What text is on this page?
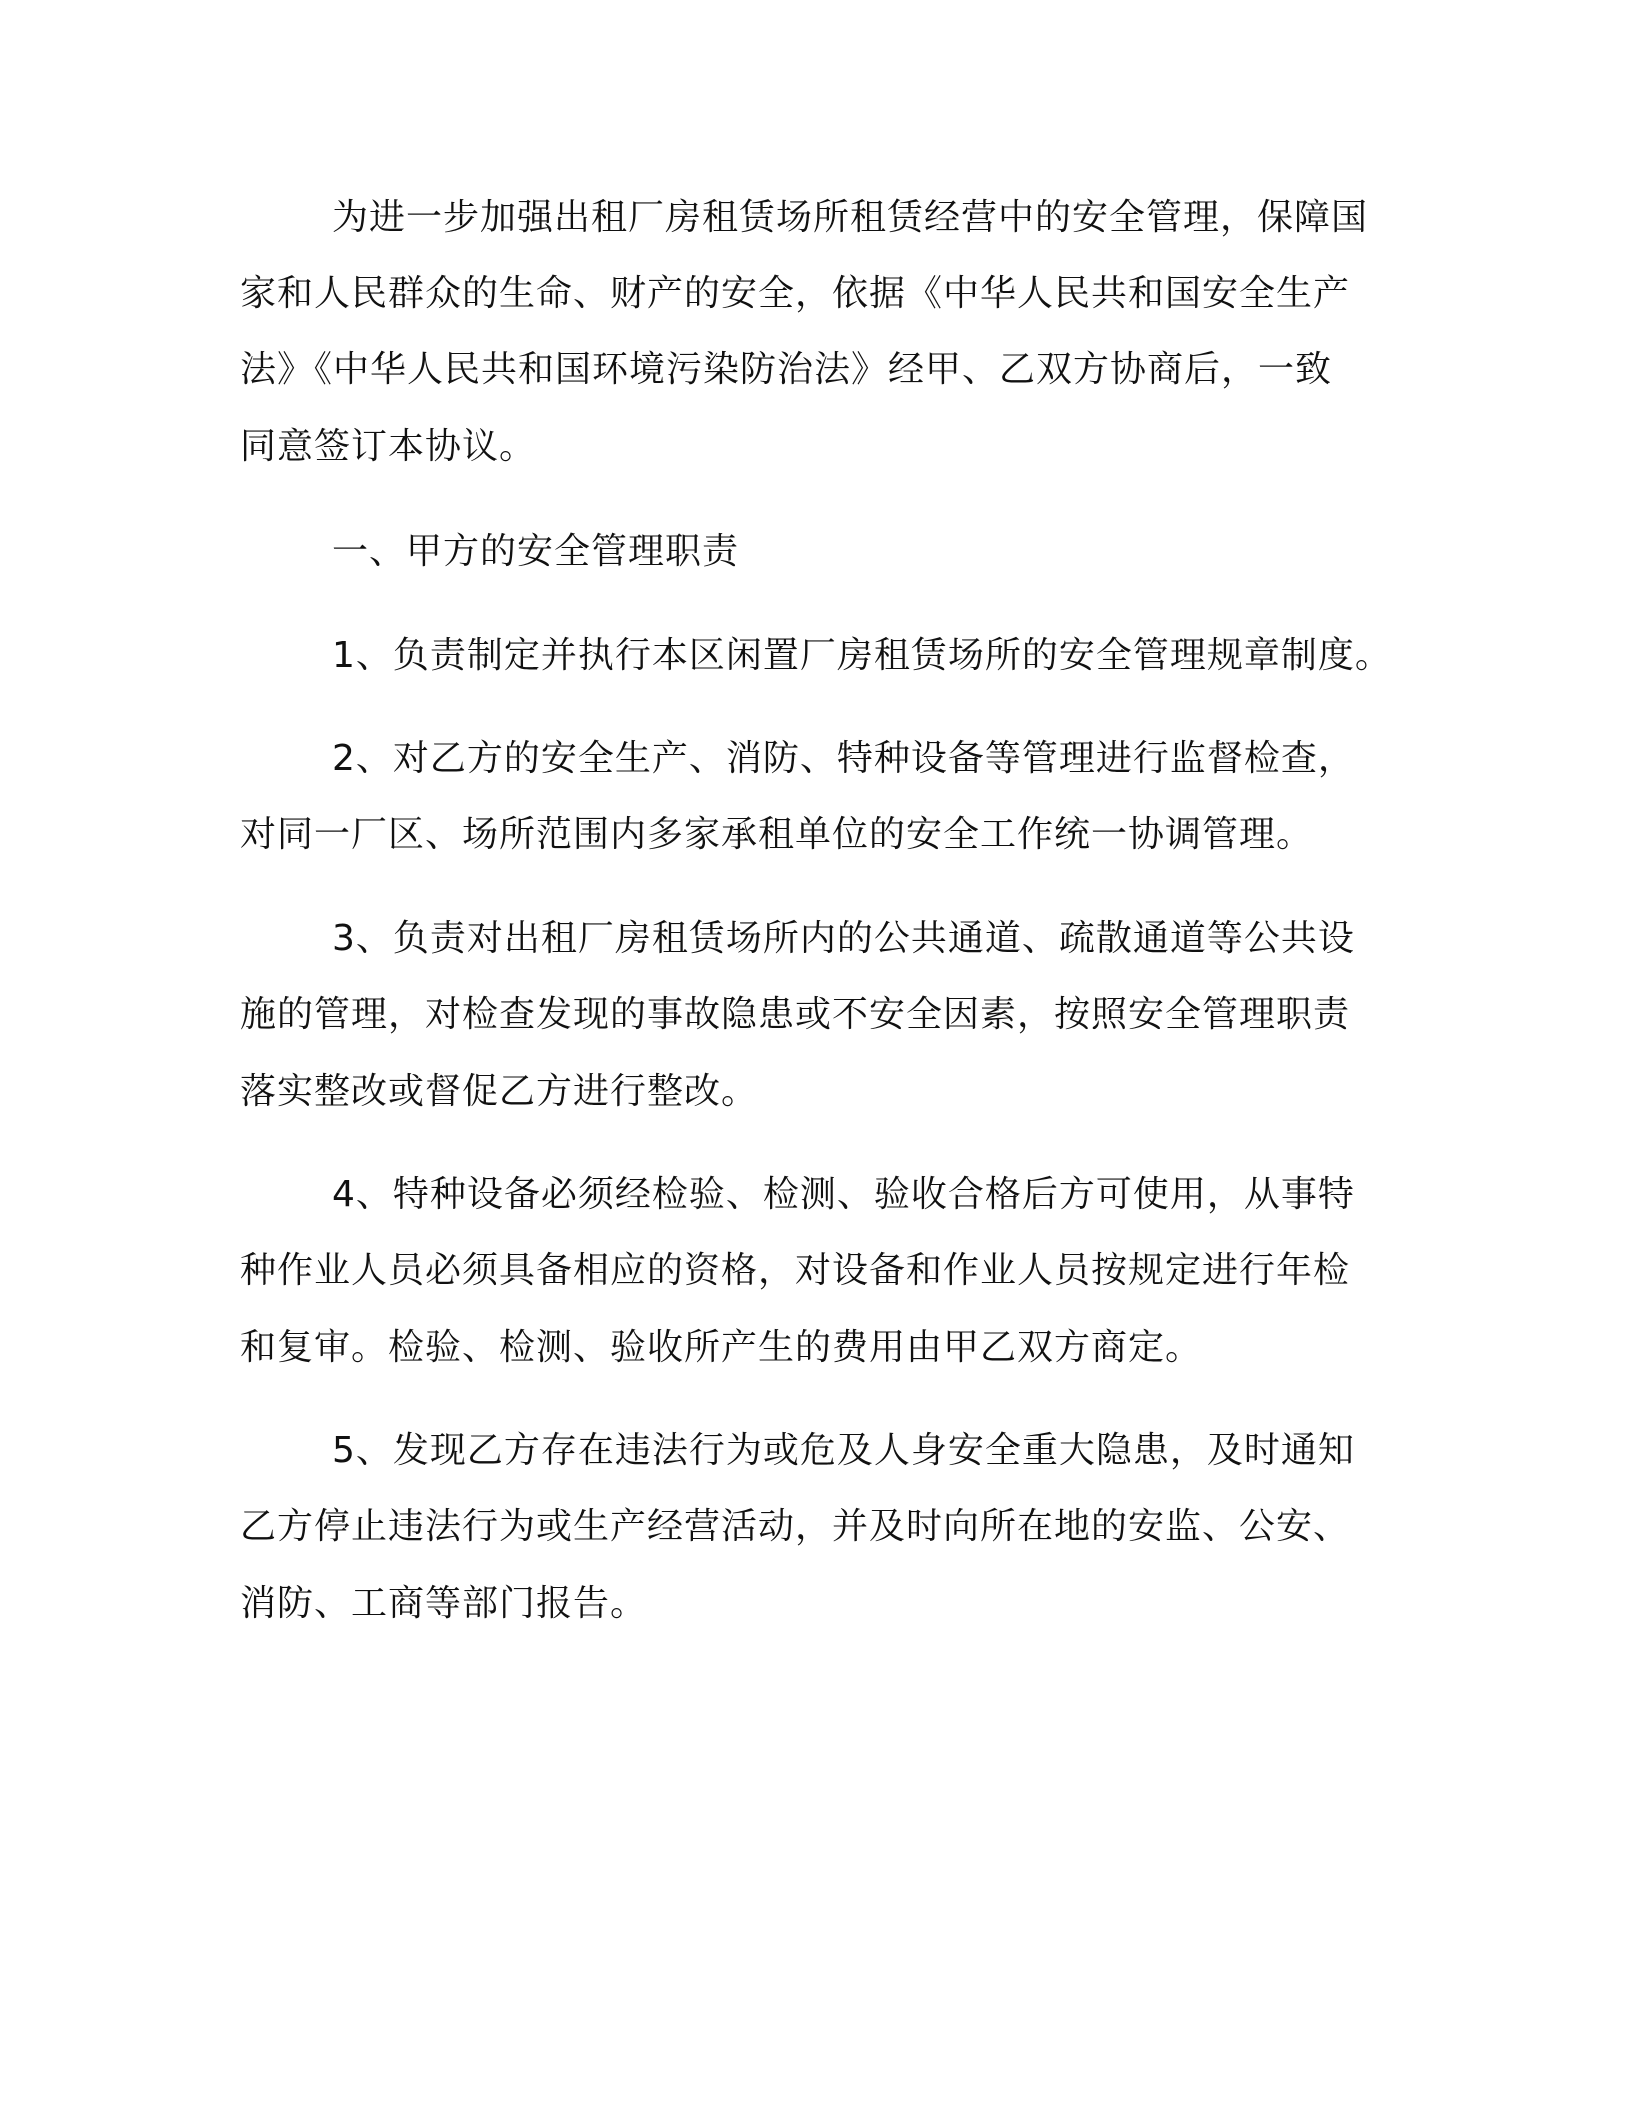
为进一步加强出租厂房租赁场所租赁经营中的安全管理，保障国
家和人民群众的生命、财产的安全，依据《中华人民共和国安全生产
法》《中华人民共和国环境污染防治法》经甲、乙双方协商后，一致
同意签订本协议。
一、甲方的安全管理职责
1、负责制定并执行本区闲置厂房租赁场所的安全管理规章制度。
2、对乙方的安全生产、消防、特种设备等管理进行监督检查，
对同一厂区、场所范围内多家承租单位的安全工作统一协调管理。
3、负责对出租厂房租赁场所内的公共通道、疏散通道等公共设
施的管理，对检查发现的事故隐患或不安全因素，按照安全管理职责
落实整改或督促乙方进行整改。
4、特种设备必须经检验、检测、验收合格后方可使用，从事特
种作业人员必须具备相应的资格，对设备和作业人员按规定进行年检
和复审。检验、检测、验收所产生的费用由甲乙双方商定。
5、发现乙方存在违法行为或危及人身安全重大隐患，及时通知
乙方停止违法行为或生产经营活动，并及时向所在地的安监、公安、
消防、工商等部门报告。
